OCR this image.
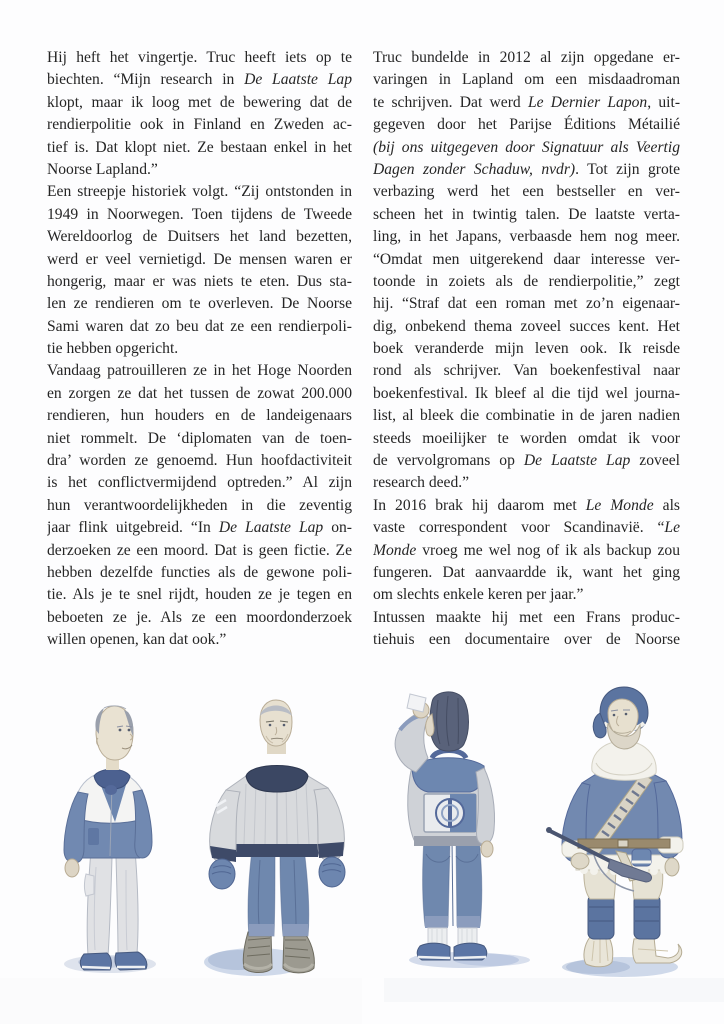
Hij heft het vingertje. Truc heeft iets op te
biechten. “Mijn research in De Laatste Lap
klopt, maar ik loog met de bewering dat de
rendierpolitie ook in Finland en Zweden ac-
tief is. Dat klopt niet. Ze bestaan enkel in het
Noorse Lapland.”
Een streepje historiek volgt. “Zij ontstonden in
1949 in Noorwegen. Toen tijdens de Tweede
Wereldoorlog de Duitsers het land bezetten,
werd er veel vernietigd. De mensen waren er
hongerig, maar er was niets te eten. Dus sta-
len ze rendieren om te overleven. De Noorse
Sami waren dat zo beu dat ze een rendierpoli-
tie hebben opgericht.
Vandaag patrouilleren ze in het Hoge Noorden
en zorgen ze dat het tussen de zowat 200.000
rendieren, hun houders en de landeigenaars
niet rommelt. De ‘diplomaten van de toen-
dra’ worden ze genoemd. Hun hoofdactiviteit
is het conflictvermijdend optreden.” Al zijn
hun verantwoordelijkheden in die zeventig
jaar flink uitgebreid. “In De Laatste Lap on-
derzoeken ze een moord. Dat is geen fictie. Ze
hebben dezelfde functies als de gewone poli-
tie. Als je te snel rijdt, houden ze je tegen en
beboeten ze je. Als ze een moordonderzoek
willen openen, kan dat ook.”
Truc bundelde in 2012 al zijn opgedane er-
varingen in Lapland om een misdaadroman
te schrijven. Dat werd Le Dernier Lapon, uit-
gegeven door het Parijse Éditions Métailié
(bij ons uitgegeven door Signatuur als Veertig
Dagen zonder Schaduw, nvdr). Tot zijn grote
verbazing werd het een bestseller en ver-
scheen het in twintig talen. De laatste verta-
ling, in het Japans, verbaasde hem nog meer.
“Omdat men uitgerekend daar interesse ver-
toonde in zoiets als de rendierpolitie,” zegt
hij. “Straf dat een roman met zo’n eigenaar-
dig, onbekend thema zoveel succes kent. Het
boek veranderde mijn leven ook. Ik reisde
rond als schrijver. Van boekenfestival naar
boekenfestival. Ik bleef al die tijd wel journa-
list, al bleek die combinatie in de jaren nadien
steeds moeilijker te worden omdat ik voor
de vervolgromans op De Laatste Lap zoveel
research deed.”
In 2016 brak hij daarom met Le Monde als
vaste correspondent voor Scandinavië. “Le
Monde vroeg me wel nog of ik als backup zou
fungeren. Dat aanvaardde ik, want het ging
om slechts enkele keren per jaar.”
Intussen maakte hij met een Frans produc-
tiehuis een documentaire over de Noorse
